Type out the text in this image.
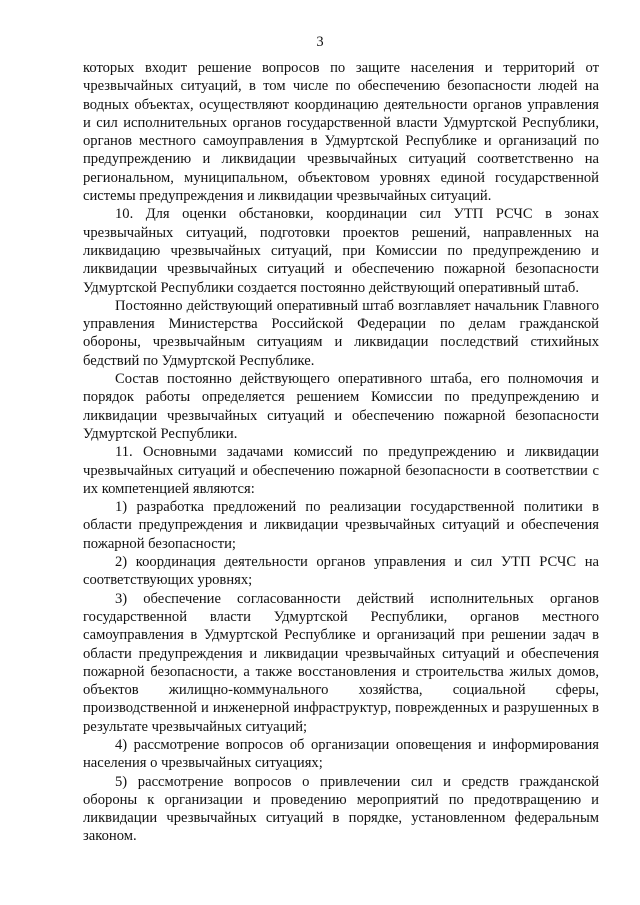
3

которых входит решение вопросов по защите населения и территорий от чрезвычайных ситуаций, в том числе по обеспечению безопасности людей на водных объектах, осуществляют координацию деятельности органов управления и сил исполнительных органов государственной власти Удмуртской Республики, органов местного самоуправления в Удмуртской Республике и организаций по предупреждению и ликвидации чрезвычайных ситуаций соответственно на региональном, муниципальном, объектовом уровнях единой государственной системы предупреждения и ликвидации чрезвычайных ситуаций.

10. Для оценки обстановки, координации сил УТП РСЧС в зонах чрезвычайных ситуаций, подготовки проектов решений, направленных на ликвидацию чрезвычайных ситуаций, при Комиссии по предупреждению и ликвидации чрезвычайных ситуаций и обеспечению пожарной безопасности Удмуртской Республики создается постоянно действующий оперативный штаб.

Постоянно действующий оперативный штаб возглавляет начальник Главного управления Министерства Российской Федерации по делам гражданской обороны, чрезвычайным ситуациям и ликвидации последствий стихийных бедствий по Удмуртской Республике.

Состав постоянно действующего оперативного штаба, его полномочия и порядок работы определяется решением Комиссии по предупреждению и ликвидации чрезвычайных ситуаций и обеспечению пожарной безопасности Удмуртской Республики.

11. Основными задачами комиссий по предупреждению и ликвидации чрезвычайных ситуаций и обеспечению пожарной безопасности в соответствии с их компетенцией являются:

1) разработка предложений по реализации государственной политики в области предупреждения и ликвидации чрезвычайных ситуаций и обеспечения пожарной безопасности;

2) координация деятельности органов управления и сил УТП РСЧС на соответствующих уровнях;

3) обеспечение согласованности действий исполнительных органов государственной власти Удмуртской Республики, органов местного самоуправления в Удмуртской Республике и организаций при решении задач в области предупреждения и ликвидации чрезвычайных ситуаций и обеспечения пожарной безопасности, а также восстановления и строительства жилых домов, объектов жилищно-коммунального хозяйства, социальной сферы, производственной и инженерной инфраструктур, поврежденных и разрушенных в результате чрезвычайных ситуаций;

4) рассмотрение вопросов об организации оповещения и информирования населения о чрезвычайных ситуациях;

5) рассмотрение вопросов о привлечении сил и средств гражданской обороны к организации и проведению мероприятий по предотвращению и ликвидации чрезвычайных ситуаций в порядке, установленном федеральным законом.
